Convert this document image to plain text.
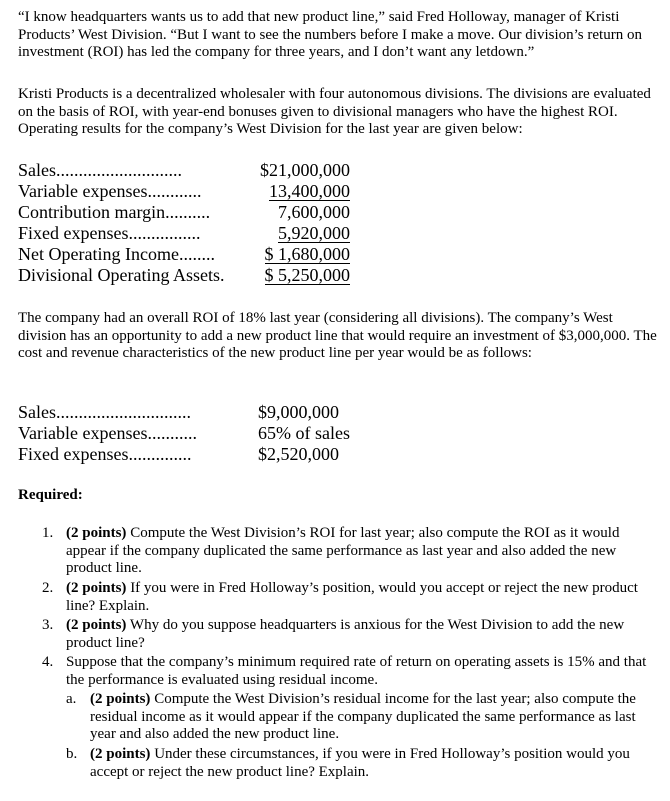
“I know headquarters wants us to add that new product line,” said Fred Holloway, manager of Kristi Products’ West Division. “But I want to see the numbers before I make a move. Our division’s return on investment (ROI) has led the company for three years, and I don’t want any letdown.”

Kristi Products is a decentralized wholesaler with four autonomous divisions. The divisions are evaluated on the basis of ROI, with year-end bonuses given to divisional managers who have the highest ROI. Operating results for the company’s West Division for the last year are given below:

Sales............................	$21,000,000
Variable expenses............	13,400,000
Contribution margin..........	7,600,000
Fixed expenses................	5,920,000
Net Operating Income........	$ 1,680,000
Divisional Operating Assets.	$ 5,250,000

The company had an overall ROI of 18% last year (considering all divisions). The company’s West division has an opportunity to add a new product line that would require an investment of $3,000,000. The cost and revenue characteristics of the new product line per year would be as follows:

Sales..............................	$9,000,000
Variable expenses...........	65% of sales
Fixed expenses..............	$2,520,000
Required:
1. (2 points) Compute the West Division’s ROI for last year; also compute the ROI as it would appear if the company duplicated the same performance as last year and also added the new product line.
2. (2 points) If you were in Fred Holloway’s position, would you accept or reject the new product line? Explain.
3. (2 points) Why do you suppose headquarters is anxious for the West Division to add the new product line?
4. Suppose that the company’s minimum required rate of return on operating assets is 15% and that the performance is evaluated using residual income.
a. (2 points) Compute the West Division’s residual income for the last year; also compute the residual income as it would appear if the company duplicated the same performance as last year and also added the new product line.
b. (2 points) Under these circumstances, if you were in Fred Holloway’s position would you accept or reject the new product line? Explain.
